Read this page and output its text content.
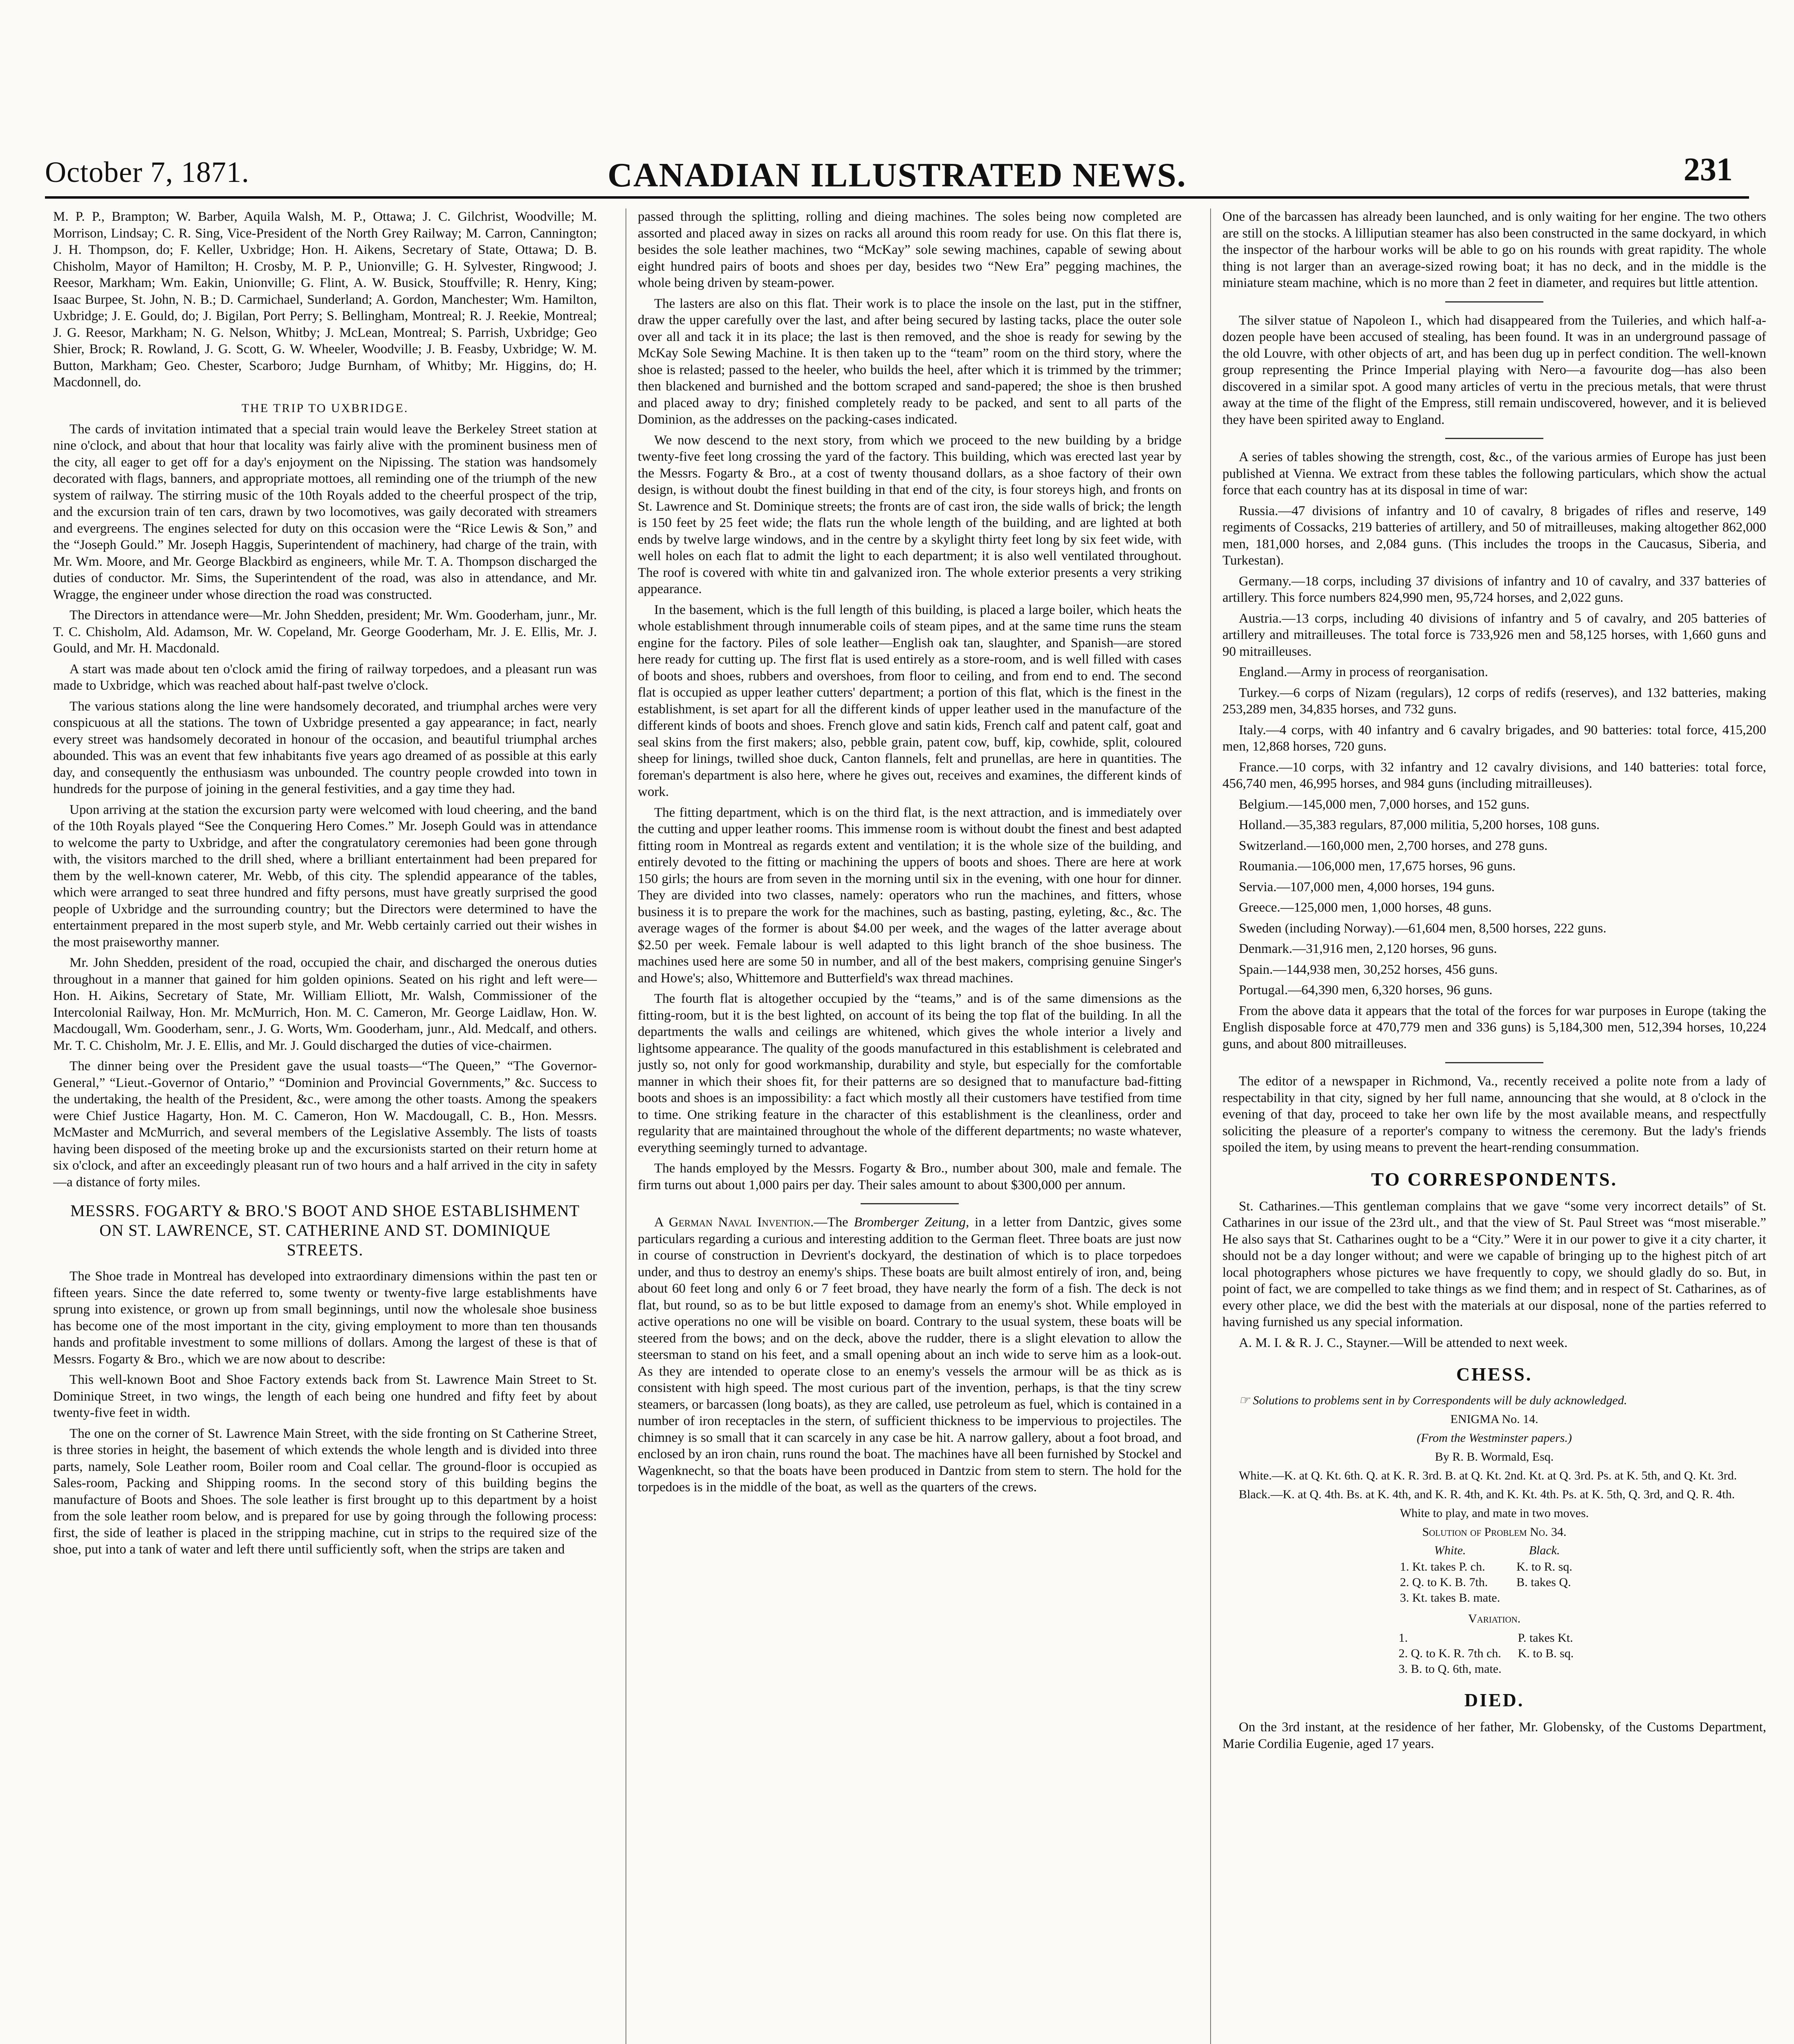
October 7, 1871.	CANADIAN ILLUSTRATED NEWS.	231

M. P. P., Brampton; W. Barber, Aquila Walsh, M. P., Ottawa; J. C. Gilchrist, Woodville; M. Morrison, Lindsay; C. R. Sing, Vice-President of the North Grey Railway; M. Carron, Cannington; J. H. Thompson, do; F. Keller, Uxbridge; Hon. H. Aikens, Secretary of State, Ottawa; D. B. Chisholm, Mayor of Hamilton; H. Crosby, M. P. P., Unionville; G. H. Sylvester, Ringwood; J. Reesor, Markham; Wm. Eakin, Unionville; G. Flint, A. W. Busick, Stouffville; R. Henry, King; Isaac Burpee, St. John, N. B.; D. Carmichael, Sunderland; A. Gordon, Manchester; Wm. Hamilton, Uxbridge; J. E. Gould, do; J. Bigilan, Port Perry; S. Bellingham, Montreal; R. J. Reekie, Montreal; J. G. Reesor, Markham; N. G. Nelson, Whitby; J. McLean, Montreal; S. Parrish, Uxbridge; Geo Shier, Brock; R. Rowland, J. G. Scott, G. W. Wheeler, Woodville; J. B. Feasby, Uxbridge; W. M. Button, Markham; Geo. Chester, Scarboro; Judge Burnham, of Whitby; Mr. Higgins, do; H. Macdonnell, do.

THE TRIP TO UXBRIDGE.

The cards of invitation intimated that a special train would leave the Berkeley Street station at nine o'clock, and about that hour that locality was fairly alive with the prominent business men of the city, all eager to get off for a day's enjoyment on the Nipissing. The station was handsomely decorated with flags, banners, and appropriate mottoes, all reminding one of the triumph of the new system of railway. The stirring music of the 10th Royals added to the cheerful prospect of the trip, and the excursion train of ten cars, drawn by two locomotives, was gaily decorated with streamers and evergreens. The engines selected for duty on this occasion were the “Rice Lewis & Son,” and the “Joseph Gould.” Mr. Joseph Haggis, Superintendent of machinery, had charge of the train, with Mr. Wm. Moore, and Mr. George Blackbird as engineers, while Mr. T. A. Thompson discharged the duties of conductor. Mr. Sims, the Superintendent of the road, was also in attendance, and Mr. Wragge, the engineer under whose direction the road was constructed.

The Directors in attendance were—Mr. John Shedden, president; Mr. Wm. Gooderham, junr., Mr. T. C. Chisholm, Ald. Adamson, Mr. W. Copeland, Mr. George Gooderham, Mr. J. E. Ellis, Mr. J. Gould, and Mr. H. Macdonald.

A start was made about ten o'clock amid the firing of railway torpedoes, and a pleasant run was made to Uxbridge, which was reached about half-past twelve o'clock.

The various stations along the line were handsomely decorated, and triumphal arches were very conspicuous at all the stations. The town of Uxbridge presented a gay appearance; in fact, nearly every street was handsomely decorated in honour of the occasion, and beautiful triumphal arches abounded. This was an event that few inhabitants five years ago dreamed of as possible at this early day, and consequently the enthusiasm was unbounded. The country people crowded into town in hundreds for the purpose of joining in the general festivities, and a gay time they had.

Upon arriving at the station the excursion party were welcomed with loud cheering, and the band of the 10th Royals played “See the Conquering Hero Comes.” Mr. Joseph Gould was in attendance to welcome the party to Uxbridge, and after the congratulatory ceremonies had been gone through with, the visitors marched to the drill shed, where a brilliant entertainment had been prepared for them by the well-known caterer, Mr. Webb, of this city. The splendid appearance of the tables, which were arranged to seat three hundred and fifty persons, must have greatly surprised the good people of Uxbridge and the surrounding country; but the Directors were determined to have the entertainment prepared in the most superb style, and Mr. Webb certainly carried out their wishes in the most praiseworthy manner.

Mr. John Shedden, president of the road, occupied the chair, and discharged the onerous duties throughout in a manner that gained for him golden opinions. Seated on his right and left were—Hon. H. Aikins, Secretary of State, Mr. William Elliott, Mr. Walsh, Commissioner of the Intercolonial Railway, Hon. Mr. McMurrich, Hon. M. C. Cameron, Mr. George Laidlaw, Hon. W. Macdougall, Wm. Gooderham, senr., J. G. Worts, Wm. Gooderham, junr., Ald. Medcalf, and others. Mr. T. C. Chisholm, Mr. J. E. Ellis, and Mr. J. Gould discharged the duties of vice-chairmen.

The dinner being over the President gave the usual toasts—“The Queen,” “The Governor-General,” “Lieut.-Governor of Ontario,” “Dominion and Provincial Governments,” &c. Success to the undertaking, the health of the President, &c., were among the other toasts. Among the speakers were Chief Justice Hagarty, Hon. M. C. Cameron, Hon W. Macdougall, C. B., Hon. Messrs. McMaster and McMurrich, and several members of the Legislative Assembly. The lists of toasts having been disposed of the meeting broke up and the excursionists started on their return home at six o'clock, and after an exceedingly pleasant run of two hours and a half arrived in the city in safety—a distance of forty miles.

MESSRS. FOGARTY & BRO.'S BOOT AND SHOE ESTABLISHMENT ON ST. LAWRENCE, ST. CATHERINE AND ST. DOMINIQUE STREETS.

The Shoe trade in Montreal has developed into extraordinary dimensions within the past ten or fifteen years. Since the date referred to, some twenty or twenty-five large establishments have sprung into existence, or grown up from small beginnings, until now the wholesale shoe business has become one of the most important in the city, giving employment to more than ten thousands hands and profitable investment to some millions of dollars. Among the largest of these is that of Messrs. Fogarty & Bro., which we are now about to describe:

This well-known Boot and Shoe Factory extends back from St. Lawrence Main Street to St. Dominique Street, in two wings, the length of each being one hundred and fifty feet by about twenty-five feet in width.

The one on the corner of St. Lawrence Main Street, with the side fronting on St Catherine Street, is three stories in height, the basement of which extends the whole length and is divided into three parts, namely, Sole Leather room, Boiler room and Coal cellar. The ground-floor is occupied as Sales-room, Packing and Shipping rooms. In the second story of this building begins the manufacture of Boots and Shoes. The sole leather is first brought up to this department by a hoist from the sole leather room below, and is prepared for use by going through the following process: first, the side of leather is placed in the stripping machine, cut in strips to the required size of the shoe, put into a tank of water and left there until sufficiently soft, when the strips are taken and

passed through the splitting, rolling and dieing machines. The soles being now completed are assorted and placed away in sizes on racks all around this room ready for use. On this flat there is, besides the sole leather machines, two “McKay” sole sewing machines, capable of sewing about eight hundred pairs of boots and shoes per day, besides two “New Era” pegging machines, the whole being driven by steam-power.

The lasters are also on this flat. Their work is to place the insole on the last, put in the stiffner, draw the upper carefully over the last, and after being secured by lasting tacks, place the outer sole over all and tack it in its place; the last is then removed, and the shoe is ready for sewing by the McKay Sole Sewing Machine. It is then taken up to the “team” room on the third story, where the shoe is relasted; passed to the heeler, who builds the heel, after which it is trimmed by the trimmer; then blackened and burnished and the bottom scraped and sand-papered; the shoe is then brushed and placed away to dry; finished completely ready to be packed, and sent to all parts of the Dominion, as the addresses on the packing-cases indicated.

We now descend to the next story, from which we proceed to the new building by a bridge twenty-five feet long crossing the yard of the factory. This building, which was erected last year by the Messrs. Fogarty & Bro., at a cost of twenty thousand dollars, as a shoe factory of their own design, is without doubt the finest building in that end of the city, is four storeys high, and fronts on St. Lawrence and St. Dominique streets; the fronts are of cast iron, the side walls of brick; the length is 150 feet by 25 feet wide; the flats run the whole length of the building, and are lighted at both ends by twelve large windows, and in the centre by a skylight thirty feet long by six feet wide, with well holes on each flat to admit the light to each department; it is also well ventilated throughout. The roof is covered with white tin and galvanized iron. The whole exterior presents a very striking appearance.

In the basement, which is the full length of this building, is placed a large boiler, which heats the whole establishment through innumerable coils of steam pipes, and at the same time runs the steam engine for the factory. Piles of sole leather—English oak tan, slaughter, and Spanish—are stored here ready for cutting up. The first flat is used entirely as a store-room, and is well filled with cases of boots and shoes, rubbers and overshoes, from floor to ceiling, and from end to end. The second flat is occupied as upper leather cutters' department; a portion of this flat, which is the finest in the establishment, is set apart for all the different kinds of upper leather used in the manufacture of the different kinds of boots and shoes. French glove and satin kids, French calf and patent calf, goat and seal skins from the first makers; also, pebble grain, patent cow, buff, kip, cowhide, split, coloured sheep for linings, twilled shoe duck, Canton flannels, felt and prunellas, are here in quantities. The foreman's department is also here, where he gives out, receives and examines, the different kinds of work.

The fitting department, which is on the third flat, is the next attraction, and is immediately over the cutting and upper leather rooms. This immense room is without doubt the finest and best adapted fitting room in Montreal as regards extent and ventilation; it is the whole size of the building, and entirely devoted to the fitting or machining the uppers of boots and shoes. There are here at work 150 girls; the hours are from seven in the morning until six in the evening, with one hour for dinner. They are divided into two classes, namely: operators who run the machines, and fitters, whose business it is to prepare the work for the machines, such as basting, pasting, eyleting, &c., &c. The average wages of the former is about $4.00 per week, and the wages of the latter average about $2.50 per week. Female labour is well adapted to this light branch of the shoe business. The machines used here are some 50 in number, and all of the best makers, comprising genuine Singer's and Howe's; also, Whittemore and Butterfield's wax thread machines.

The fourth flat is altogether occupied by the “teams,” and is of the same dimensions as the fitting-room, but it is the best lighted, on account of its being the top flat of the building. In all the departments the walls and ceilings are whitened, which gives the whole interior a lively and lightsome appearance. The quality of the goods manufactured in this establishment is celebrated and justly so, not only for good workmanship, durability and style, but especially for the comfortable manner in which their shoes fit, for their patterns are so designed that to manufacture bad-fitting boots and shoes is an impossibility: a fact which mostly all their customers have testified from time to time. One striking feature in the character of this establishment is the cleanliness, order and regularity that are maintained throughout the whole of the different departments; no waste whatever, everything seemingly turned to advantage.

The hands employed by the Messrs. Fogarty & Bro., number about 300, male and female. The firm turns out about 1,000 pairs per day. Their sales amount to about $300,000 per annum.

A German Naval Invention.—The Bromberger Zeitung, in a letter from Dantzic, gives some particulars regarding a curious and interesting addition to the German fleet. Three boats are just now in course of construction in Devrient's dockyard, the destination of which is to place torpedoes under, and thus to destroy an enemy's ships. These boats are built almost entirely of iron, and, being about 60 feet long and only 6 or 7 feet broad, they have nearly the form of a fish. The deck is not flat, but round, so as to be but little exposed to damage from an enemy's shot. While employed in active operations no one will be visible on board. Contrary to the usual system, these boats will be steered from the bows; and on the deck, above the rudder, there is a slight elevation to allow the steersman to stand on his feet, and a small opening about an inch wide to serve him as a look-out. As they are intended to operate close to an enemy's vessels the armour will be as thick as is consistent with high speed. The most curious part of the invention, perhaps, is that the tiny screw steamers, or barcassen (long boats), as they are called, use petroleum as fuel, which is contained in a number of iron receptacles in the stern, of sufficient thickness to be impervious to projectiles. The chimney is so small that it can scarcely in any case be hit. A narrow gallery, about a foot broad, and enclosed by an iron chain, runs round the boat. The machines have all been furnished by Stockel and Wagenknecht, so that the boats have been produced in Dantzic from stem to stern. The hold for the torpedoes is in the middle of the boat, as well as the quarters of the crews.

One of the barcassen has already been launched, and is only waiting for her engine. The two others are still on the stocks. A lilliputian steamer has also been constructed in the same dockyard, in which the inspector of the harbour works will be able to go on his rounds with great rapidity. The whole thing is not larger than an average-sized rowing boat; it has no deck, and in the middle is the miniature steam machine, which is no more than 2 feet in diameter, and requires but little attention.

The silver statue of Napoleon I., which had disappeared from the Tuileries, and which half-a-dozen people have been accused of stealing, has been found. It was in an underground passage of the old Louvre, with other objects of art, and has been dug up in perfect condition. The well-known group representing the Prince Imperial playing with Nero—a favourite dog—has also been discovered in a similar spot. A good many articles of vertu in the precious metals, that were thrust away at the time of the flight of the Empress, still remain undiscovered, however, and it is believed they have been spirited away to England.

A series of tables showing the strength, cost, &c., of the various armies of Europe has just been published at Vienna. We extract from these tables the following particulars, which show the actual force that each country has at its disposal in time of war:

Russia.—47 divisions of infantry and 10 of cavalry, 8 brigades of rifles and reserve, 149 regiments of Cossacks, 219 batteries of artillery, and 50 of mitrailleuses, making altogether 862,000 men, 181,000 horses, and 2,084 guns. (This includes the troops in the Caucasus, Siberia, and Turkestan).

Germany.—18 corps, including 37 divisions of infantry and 10 of cavalry, and 337 batteries of artillery. This force numbers 824,990 men, 95,724 horses, and 2,022 guns.

Austria.—13 corps, including 40 divisions of infantry and 5 of cavalry, and 205 batteries of artillery and mitrailleuses. The total force is 733,926 men and 58,125 horses, with 1,660 guns and 90 mitrailleuses.

England.—Army in process of reorganisation.

Turkey.—6 corps of Nizam (regulars), 12 corps of redifs (reserves), and 132 batteries, making 253,289 men, 34,835 horses, and 732 guns.

Italy.—4 corps, with 40 infantry and 6 cavalry brigades, and 90 batteries: total force, 415,200 men, 12,868 horses, 720 guns.

France.—10 corps, with 32 infantry and 12 cavalry divisions, and 140 batteries: total force, 456,740 men, 46,995 horses, and 984 guns (including mitrailleuses).

Belgium.—145,000 men, 7,000 horses, and 152 guns.

Holland.—35,383 regulars, 87,000 militia, 5,200 horses, 108 guns.

Switzerland.—160,000 men, 2,700 horses, and 278 guns.

Roumania.—106,000 men, 17,675 horses, 96 guns.

Servia.—107,000 men, 4,000 horses, 194 guns.

Greece.—125,000 men, 1,000 horses, 48 guns.

Sweden (including Norway).—61,604 men, 8,500 horses, 222 guns.

Denmark.—31,916 men, 2,120 horses, 96 guns.

Spain.—144,938 men, 30,252 horses, 456 guns.

Portugal.—64,390 men, 6,320 horses, 96 guns.

From the above data it appears that the total of the forces for war purposes in Europe (taking the English disposable force at 470,779 men and 336 guns) is 5,184,300 men, 512,394 horses, 10,224 guns, and about 800 mitrailleuses.

The editor of a newspaper in Richmond, Va., recently received a polite note from a lady of respectability in that city, signed by her full name, announcing that she would, at 8 o'clock in the evening of that day, proceed to take her own life by the most available means, and respectfully soliciting the pleasure of a reporter's company to witness the ceremony. But the lady's friends spoiled the item, by using means to prevent the heart-rending consummation.

TO CORRESPONDENTS.

St. Catharines.—This gentleman complains that we gave “some very incorrect details” of St. Catharines in our issue of the 23rd ult., and that the view of St. Paul Street was “most miserable.” He also says that St. Catharines ought to be a “City.” Were it in our power to give it a city charter, it should not be a day longer without; and were we capable of bringing up to the highest pitch of art local photographers whose pictures we have frequently to copy, we should gladly do so. But, in point of fact, we are compelled to take things as we find them; and in respect of St. Catharines, as of every other place, we did the best with the materials at our disposal, none of the parties referred to having furnished us any special information.

A. M. I. & R. J. C., Stayner.—Will be attended to next week.

CHESS.

☞ Solutions to problems sent in by Correspondents will be duly acknowledged.

ENIGMA No. 14.

(From the Westminster papers.)

By R. B. Wormald, Esq.

White.—K. at Q. Kt. 6th. Q. at K. R. 3rd. B. at Q. Kt. 2nd. Kt. at Q. 3rd. Ps. at K. 5th, and Q. Kt. 3rd.

Black.—K. at Q. 4th. Bs. at K. 4th, and K. R. 4th, and K. Kt. 4th. Ps. at K. 5th, Q. 3rd, and Q. R. 4th.

White to play, and mate in two moves.

Solution of Problem No. 34.

White.	Black.
1. Kt. takes P. ch.	K. to R. sq.
2. Q. to K. B. 7th.	B. takes Q.
3. Kt. takes B. mate.	

Variation.

1.	P. takes Kt.
2. Q. to K. R. 7th ch.	K. to B. sq.
3. B. to Q. 6th, mate.	
DIED.

On the 3rd instant, at the residence of her father, Mr. Globensky, of the Customs Department, Marie Cordilia Eugenie, aged 17 years.
